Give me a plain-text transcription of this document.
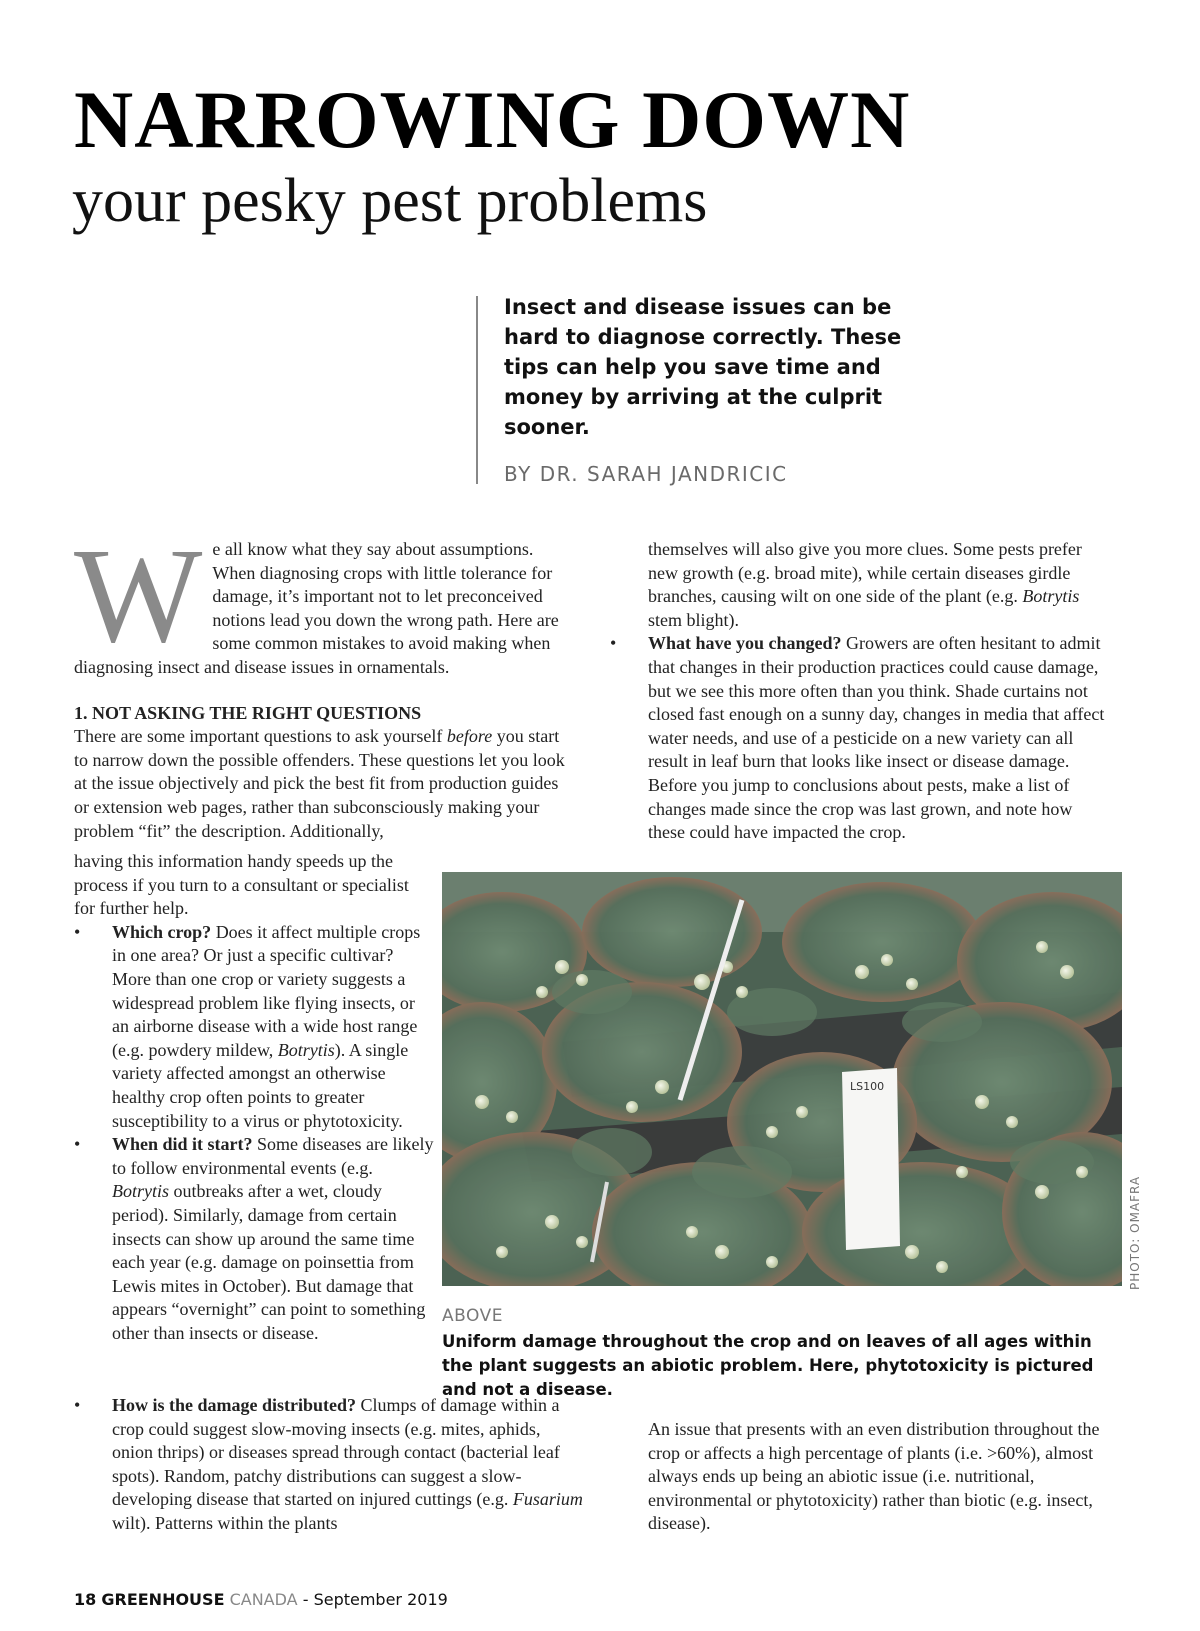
NARROWING DOWN
your pesky pest problems
Insect and disease issues can be hard to diagnose correctly. These tips can help you save time and money by arriving at the culprit sooner.
BY DR. SARAH JANDRICIC

We all know what they say about assumptions. When diagnosing crops with little tolerance for damage, it’s important not to let preconceived notions lead you down the wrong path. Here are some common mistakes to avoid making when diagnosing insect and disease issues in ornamentals.

1. NOT ASKING THE RIGHT QUESTIONS

There are some important questions to ask yourself before you start to narrow down the possible offenders. These questions let you look at the issue objectively and pick the best fit from production guides or extension web pages, rather than subconsciously making your problem “fit” the description. Additionally,

having this information handy speeds up the process if you turn to a consultant or specialist for further help.

• Which crop? Does it affect multiple crops in one area? Or just a specific cultivar? More than one crop or variety suggests a widespread problem like flying insects, or an airborne disease with a wide host range (e.g. powdery mildew, Botrytis). A single variety affected amongst an otherwise healthy crop often points to greater susceptibility to a virus or phytotoxicity.
• When did it start? Some diseases are likely to follow environmental events (e.g. Botrytis outbreaks after a wet, cloudy period). Similarly, damage from certain insects can show up around the same time each year (e.g. damage on poinsettia from Lewis mites in October). But damage that appears “overnight” can point to something other than insects or disease.
• How is the damage distributed? Clumps of damage within a crop could suggest slow-moving insects (e.g. mites, aphids, onion thrips) or diseases spread through contact (bacterial leaf spots). Random, patchy distributions can suggest a slow-developing disease that started on injured cuttings (e.g. Fusarium wilt). Patterns within the plants

themselves will also give you more clues. Some pests prefer new growth (e.g. broad mite), while certain diseases girdle branches, causing wilt on one side of the plant (e.g. Botrytis stem blight).

• What have you changed? Growers are often hesitant to admit that changes in their production practices could cause damage, but we see this more often than you think. Shade curtains not closed fast enough on a sunny day, changes in media that affect water needs, and use of a pesticide on a new variety can all result in leaf burn that looks like insect or disease damage. Before you jump to conclusions about pests, make a list of changes made since the crop was last grown, and note how these could have impacted the crop.
LS100
PHOTO: OMAFRA
ABOVE
Uniform damage throughout the crop and on leaves of all ages within the plant suggests an abiotic problem. Here, phytotoxicity is pictured and not a disease.

An issue that presents with an even distribution throughout the crop or affects a high percentage of plants (i.e. >60%), almost always ends up being an abiotic issue (i.e. nutritional, environmental or phytotoxicity) rather than biotic (e.g. insect, disease).

18 GREENHOUSE CANADA - September 2019
